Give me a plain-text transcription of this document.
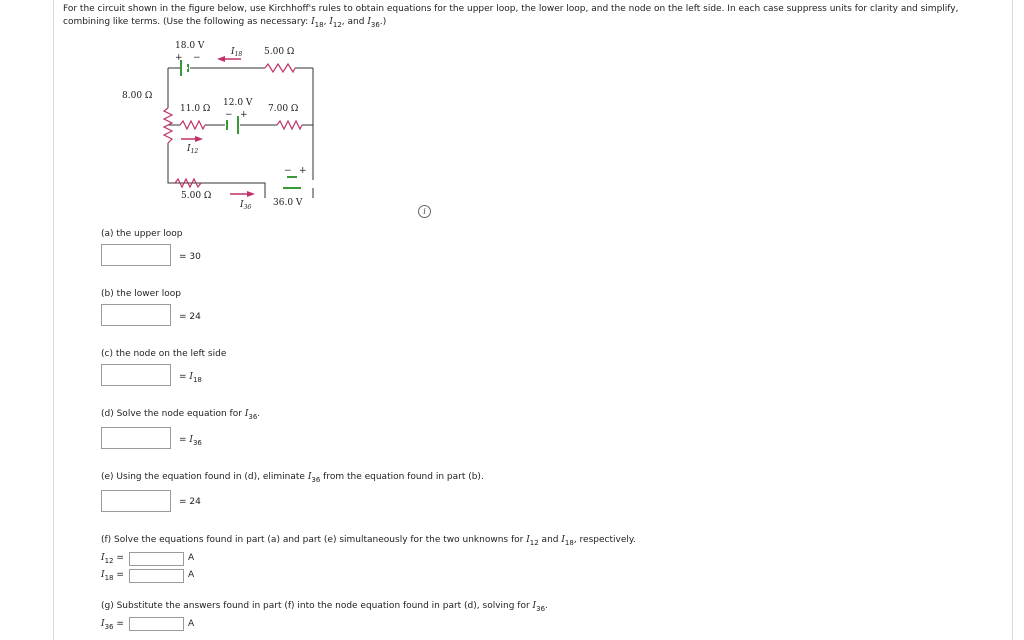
For the circuit shown in the figure below, use Kirchhoff's rules to obtain equations for the upper loop, the lower loop, and the node on the left side. In each case suppress units for clarity and simplify,
combining like terms. (Use the following as necessary: $I_{18}$, $I_{12}$, and $I_{36}$.)
18.0 V
+ −
$I_{18}$ 5.00 Ω
8.00 Ω
11.0 Ω
12.0 V
− +
7.00 Ω
$I_{12}$
− +
5.00 Ω
$I_{36}$ 36.0 V
i
(a) the upper loop
= 30
(b) the lower loop
= 24
(c) the node on the left side
= $I_{18}$
(d) Solve the node equation for $I_{36}$.
= $I_{36}$
(e) Using the equation found in (d), eliminate $I_{36}$ from the equation found in part (b).
= 24
(f) Solve the equations found in part (a) and part (e) simultaneously for the two unknowns for $I_{12}$ and $I_{18}$, respectively.
$I_{12}$ =	A
$I_{18}$ =	A
(g) Substitute the answers found in part (f) into the node equation found in part (d), solving for $I_{36}$.
$I_{36}$ =	A
